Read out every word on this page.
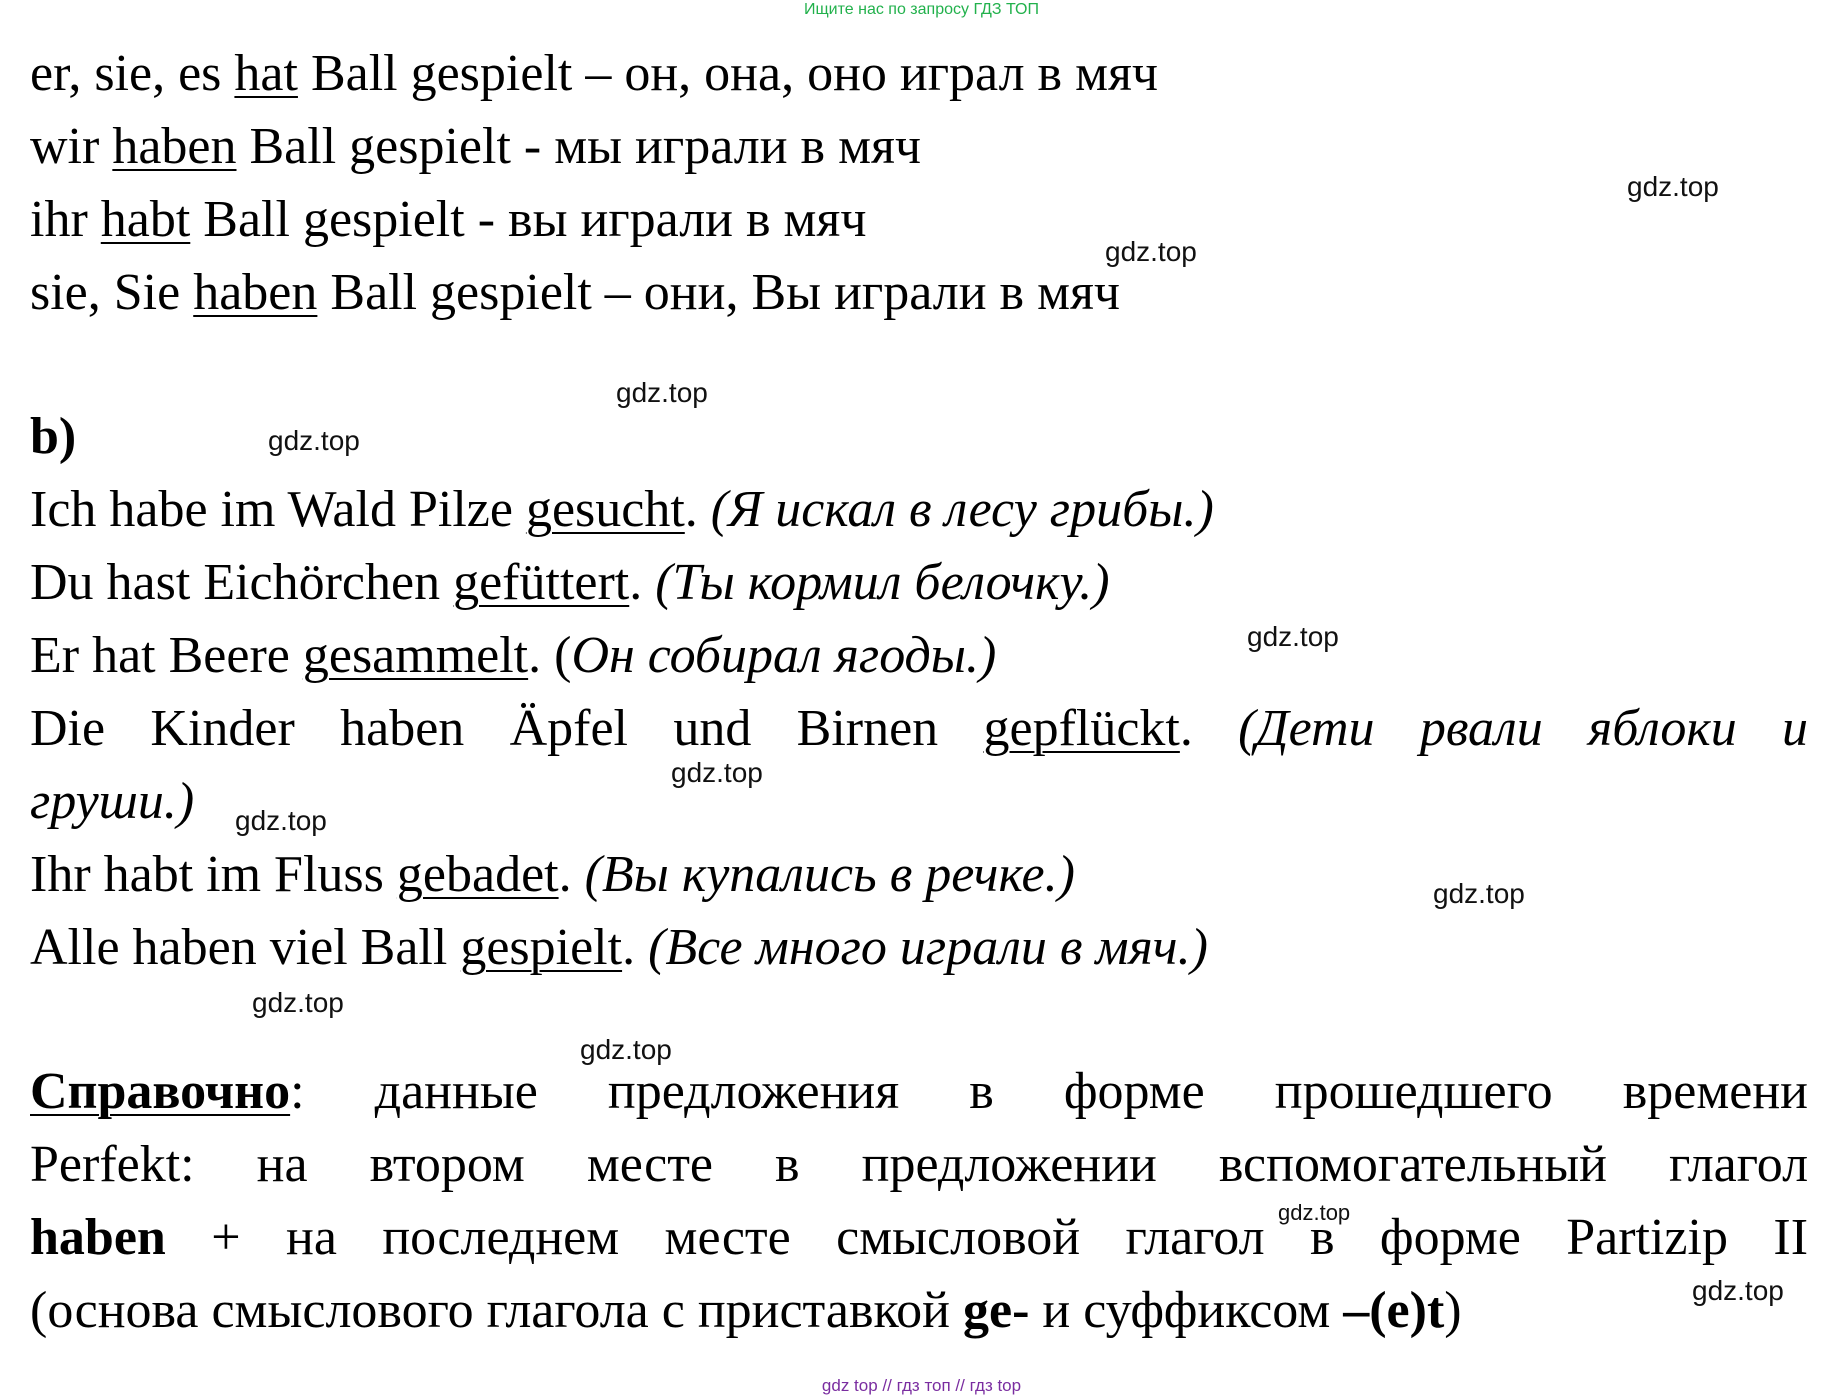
Ищите нас по запросу ГДЗ ТОП
er, sie, es hat Ball gespielt – он, она, оно играл в мяч
wir haben Ball gespielt - мы играли в мяч
ihr habt Ball gespielt - вы играли в мяч
sie, Sie haben Ball gespielt – они, Вы играли в мяч
b)
Ich habe im Wald Pilze gesucht. (Я искал в лесу грибы.)
Du hast Eichörchen gefüttert. (Ты кормил белочку.)
Er hat Beere gesammelt. (Он собирал ягоды.)
Die Kinder haben Äpfel und Birnen gepflückt. (Дети рвали яблоки и
груши.)
Ihr habt im Fluss gebadet. (Вы купались в речке.)
Alle haben viel Ball gespielt. (Все много играли в мяч.)
Справочно: данные предложения в форме прошедшего времени
Perfekt: на втором месте в предложении вспомогательный глагол
haben + на последнем месте смысловой глагол в форме Partizip II
(основа смыслового глагола с приставкой ge- и суффиксом –(e)t)
gdz.top
gdz.top
gdz.top
gdz.top
gdz.top
gdz.top
gdz.top
gdz.top
gdz.top
gdz.top
gdz.top
gdz.top
gdz top // гдз топ // гдз top
